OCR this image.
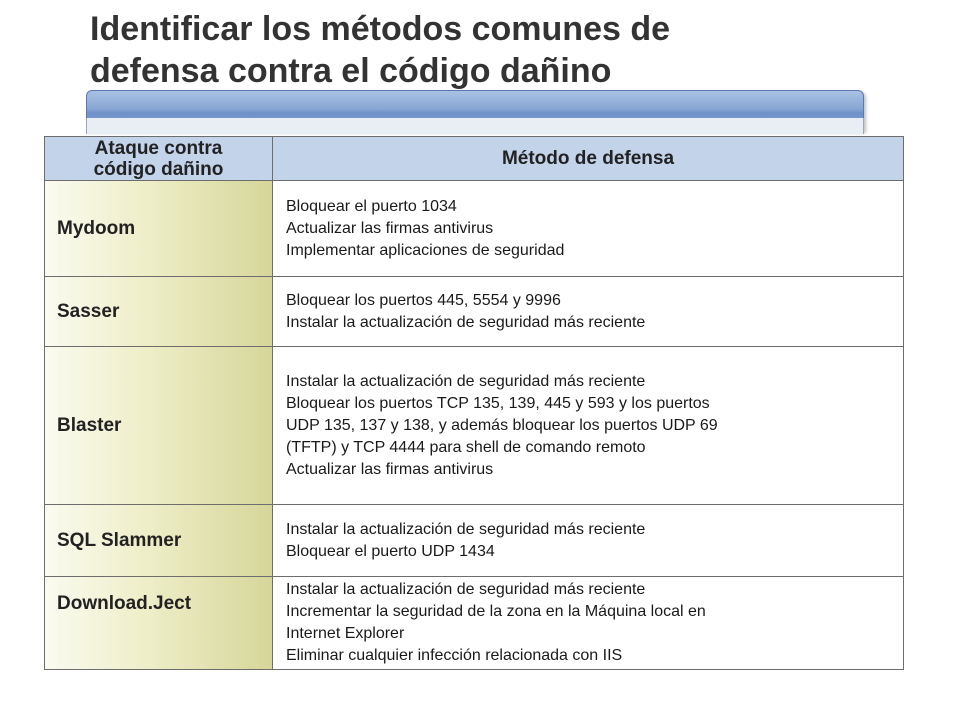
Identificar los métodos comunes de
defensa contra el código dañino
Ataque contra
código dañino
Método de defensa
Mydoom
Bloquear el puerto 1034
Actualizar las firmas antivirus
Implementar aplicaciones de seguridad
Sasser
Bloquear los puertos 445, 5554 y 9996
Instalar la actualización de seguridad más reciente
Blaster
Instalar la actualización de seguridad más reciente
Bloquear los puertos TCP 135, 139, 445 y 593 y los puertos
UDP 135, 137 y 138, y además bloquear los puertos UDP 69
(TFTP) y TCP 4444 para shell de comando remoto
Actualizar las firmas antivirus
SQL Slammer
Instalar la actualización de seguridad más reciente
Bloquear el puerto UDP 1434
Download.Ject
Instalar la actualización de seguridad más reciente
Incrementar la seguridad de la zona en la Máquina local en
Internet Explorer
Eliminar cualquier infección relacionada con IIS
